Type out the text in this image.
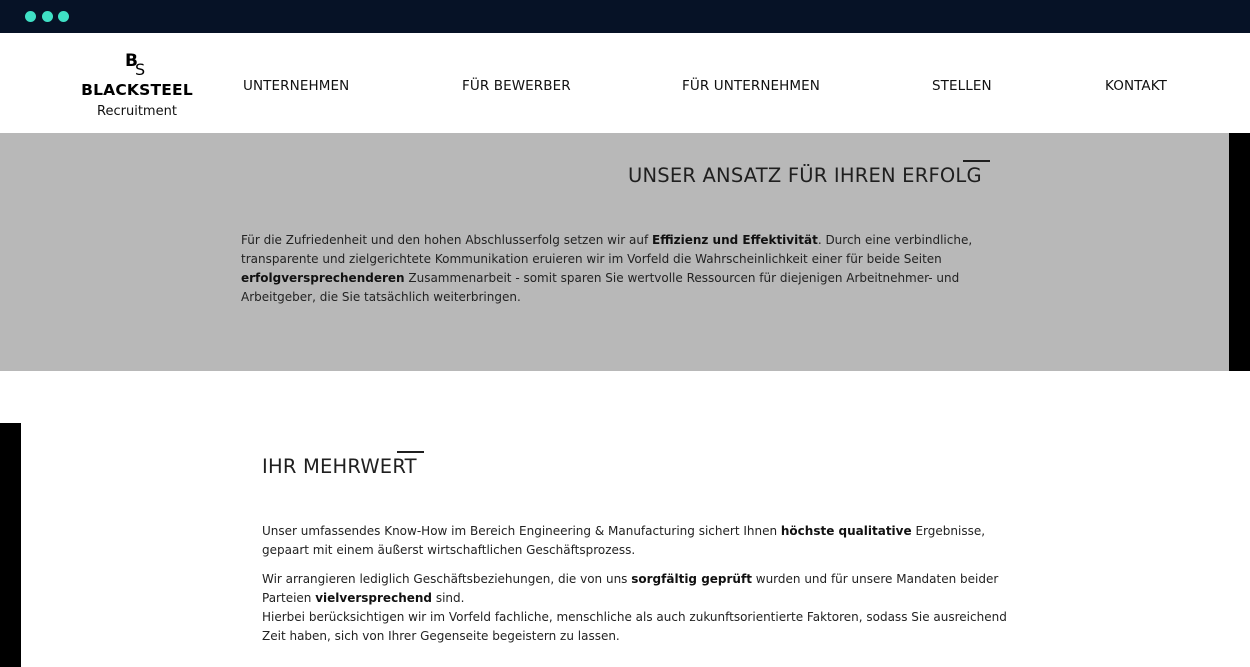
B
S
BLACKSTEEL
Recruitment
UNTERNEHMEN	FÜR BEWERBER	FÜR UNTERNEHMEN	STELLEN	KONTAKT
UNSER ANSATZ FÜR IHREN ERFOLG
Für die Zufriedenheit und den hohen Abschlusserfolg setzen wir auf Effizienz und Effektivität. Durch eine verbindliche, transparente und zielgerichtete Kommunikation eruieren wir im Vorfeld die Wahrscheinlichkeit einer für beide Seiten erfolgversprechenderen Zusammenarbeit - somit sparen Sie wertvolle Ressourcen für diejenigen Arbeitnehmer- und Arbeitgeber, die Sie tatsächlich weiterbringen.
IHR MEHRWERT
Unser umfassendes Know-How im Bereich Engineering & Manufacturing sichert Ihnen höchste qualitative Ergebnisse, gepaart mit einem äußerst wirtschaftlichen Geschäftsprozess.
Wir arrangieren lediglich Geschäftsbeziehungen, die von uns sorgfältig geprüft wurden und für unsere Mandaten beider Parteien vielversprechend sind.
Hierbei berücksichtigen wir im Vorfeld fachliche, menschliche als auch zukunftsorientierte Faktoren, sodass Sie ausreichend Zeit haben, sich von Ihrer Gegenseite begeistern zu lassen.
